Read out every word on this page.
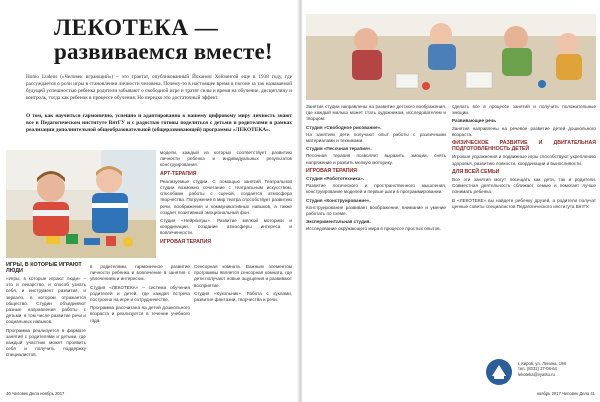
ЛЕКОТЕКА —
развиваемся вместе!
Homo Ludens («Человек играющий») – это трактат, опубликованный Йоханом Хейзингой еще в 1938 году, где рассуждается о роли игры в становлении личности человека. Почему-то в настоящее время в погоне за так называемой будущей успешностью ребенка родители забывают о свободной игре и тратят силы и время на обучение, дисциплину и контроль, тогда как ребенок в процессе обучения. Но нередко это достаточный эффект.
О том, как научиться гармонично, успешно и адаптированно к нашему цифровому миру личность знают все в Педагогическом институте ВятГУ и с радостью готовы поделиться с детьми и родителями в рамках реализации дополнительной общеобразовательной (общеразвивающей) программы «ЛЕКОТЕКА».

модели, каждый из которых соответствует развитию личности ребенка и индивидуальных результатов конструирования.

АРТ-ТЕРАПИЯ

Реализуемые студии. С помощью занятий Театральной студии возможно сочетание с театральным искусством, способами работы с сценой, создается атмосфера творчества. Погружение в мир театра способствует развитию речи, воображения и коммуникативных навыков, а также создает позитивный эмоциональный фон.

Студия «Нейроигры». Развитие мелкой моторики и координации, создание атмосферы интереса и вовлеченности.

ИГРОВАЯ ТЕРАПИЯ
ИГРЫ, В КОТОРЫЕ ИГРАЮТ ЛЮДИ

«Игры, в которые играют люди» – это и лекарство, и способ узнать себя, и инструмент развития, и зеркало, в котором отражается общество. Студии объединяют разные направления работы с детьми, в том числе развитие речи и социальных навыков.

Программа реализуется в формате занятий с родителями и детьми, где каждый участник может проявить себя и получить поддержку специалистов.

в родителями, гармоничное развитие личности ребенка и вовлечение в занятия с увлечением и интересом.

Студия «ЛЕКОТЕКА» – система обучения родителей и детей, где каждая встреча построена на игре и сотрудничестве.

Программа рассчитана на детей дошкольного возраста и реализуется в течение учебного года.

Сенсорная комната. Важным элементом программы является сенсорная комната, где дети получают новые ощущения и развивают восприятие.

Студия «Кукольник». Работа с куклами, развитие фантазии, творчества и речи.

Занятия студии направлены на развитие детского воображения, где каждый малыш может стать художником, исследователем и творцом.

Студия «Свободное рисование».

На занятиях дети получают опыт работы с различными материалами и техниками.

Студия «Песочная терапия».

Песочная терапия позволяет выразить эмоции, снять напряжение и развить мелкую моторику.

ИГРОВАЯ ТЕРАПИЯ
Студия «Робототехника».

Развитие логического и пространственного мышления, конструирование моделей и первые шаги в программировании.

Студия «Конструирование».

Конструирование развивает воображение, внимание и умение работать по схеме.

Экспериментальная студия.

Исследование окружающего мира в процессе простых опытов.

сделать все в процессе занятий и получить положительные эмоции.

Развивающие речь

Занятия направлены на речевое развитие детей дошкольного возраста.

ФИЗИЧЕСКОЕ РАЗВИТИЕ И ДВИГАТЕЛЬНАЯ ПОДГОТОВЛЕННОСТЬ ДЕТЕЙ

Игровые упражнения и подвижные игры способствуют укреплению здоровья, развитию ловкости, координации и выносливости.

ДЛЯ ВСЕЙ СЕМЬИ

Все эти занятия могут посещать как дети, так и родители. Совместная деятельность сближает семью и помогает лучше понимать ребенка.

В «ЛЕКОТЕКЕ» вы найдете ребенку друзей, а родители получат ценные советы специалистов Педагогического института ВятГУ.

г. Киров, ул. Ленина, 198
тел. (8332) 37-08-64
lekoteka@vyatsu.ru
40 Человек Дела ноябрь 2017	ноябрь 2017 Человек Дела 41
